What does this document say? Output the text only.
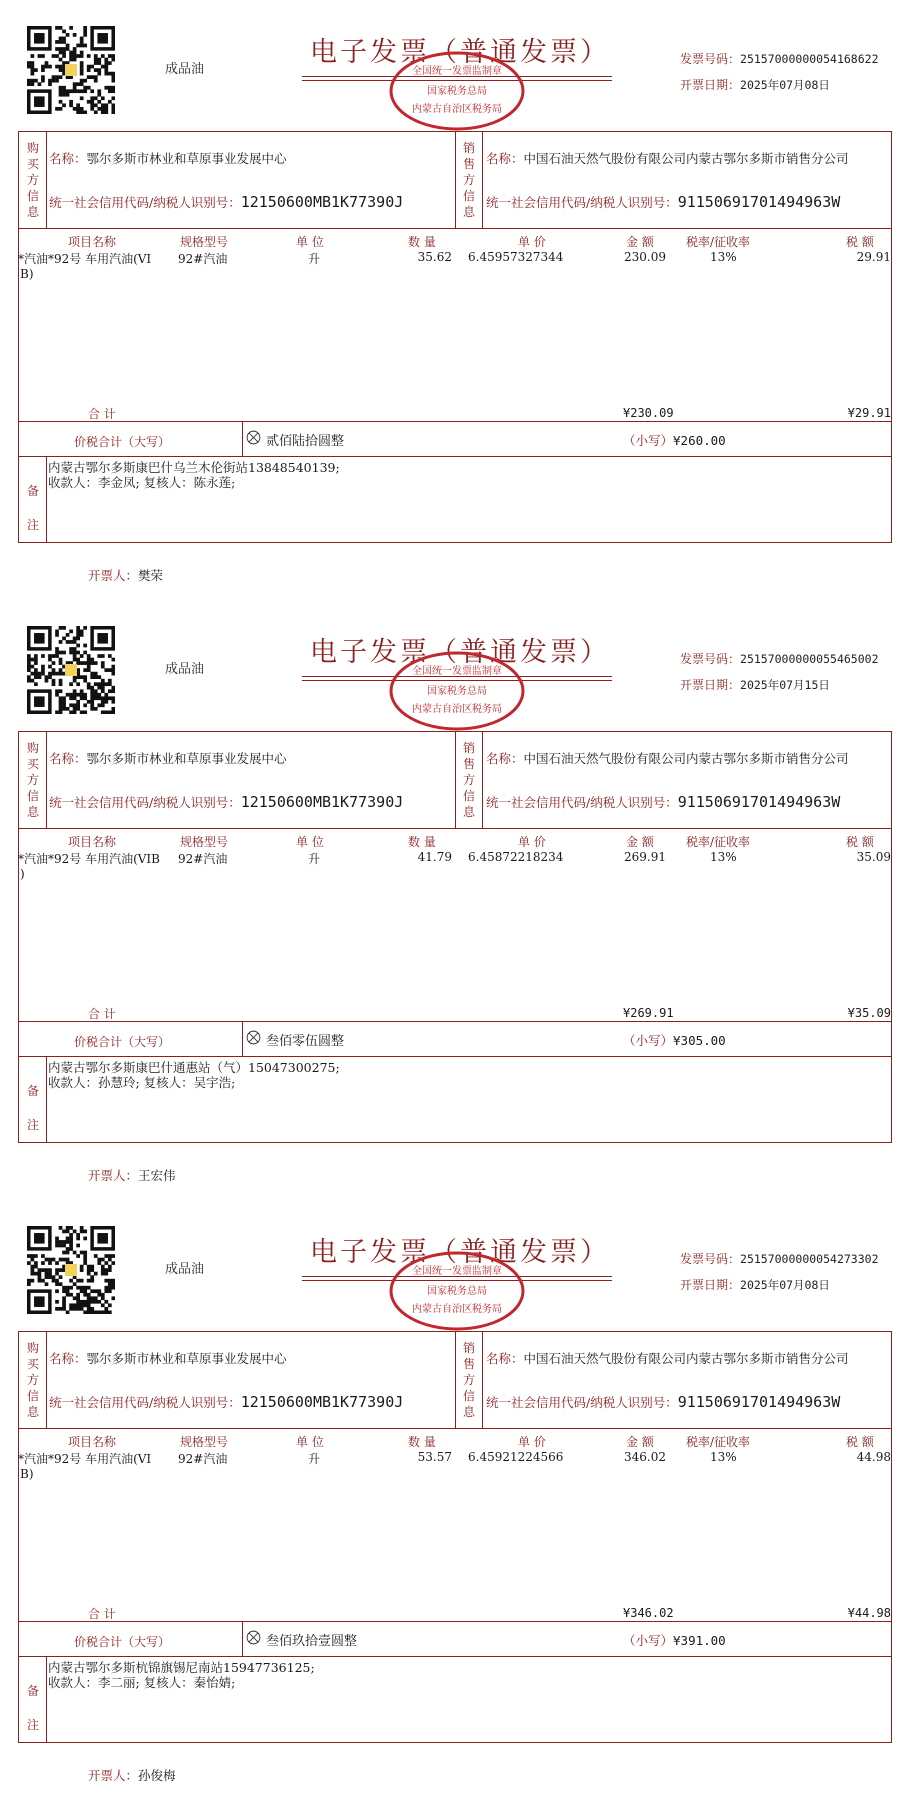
成品油
电子发票（普通发票）
全国统一发票监制章
国家税务总局
内蒙古自治区税务局
发票号码：25157000000054168622
开票日期：2025年07月08日
购
买
方
信
息
销
售
方
信
息
名称：鄂尔多斯市林业和草原事业发展中心
统一社会信用代码/纳税人识别号：12150600MB1K77390J
名称：中国石油天然气股份有限公司内蒙古鄂尔多斯市销售分公司
统一社会信用代码/纳税人识别号：91150691701494963W
项目名称	规格型号	单 位	数 量	单 价	金 额	税率/征收率	税 额
*汽油*92号 车用汽油(VI
B)
92#汽油	升	35.62 6.45957327344	230.09	13%	29.91
合 计	¥230.09	¥29.91
价税合计（大写）	贰佰陆拾圆整	（小写）¥260.00
备
注
内蒙古鄂尔多斯康巴什乌兰木伦街站13848540139;
收款人：李金凤; 复核人：陈永莲;
开票人：樊荣
成品油
电子发票（普通发票）
全国统一发票监制章
国家税务总局
内蒙古自治区税务局
发票号码：25157000000055465002
开票日期：2025年07月15日
购
买
方
信
息
销
售
方
信
息
名称：鄂尔多斯市林业和草原事业发展中心
统一社会信用代码/纳税人识别号：12150600MB1K77390J
名称：中国石油天然气股份有限公司内蒙古鄂尔多斯市销售分公司
统一社会信用代码/纳税人识别号：91150691701494963W
项目名称	规格型号	单 位	数 量	单 价	金 额	税率/征收率	税 额
*汽油*92号 车用汽油(VIB
)
92#汽油	升	41.79 6.45872218234	269.91	13%	35.09
合 计	¥269.91	¥35.09
价税合计（大写）	叁佰零伍圆整	（小写）¥305.00
备
注
内蒙古鄂尔多斯康巴什通惠站（气）15047300275;
收款人：孙慧玲; 复核人：吴宇浩;
开票人：王宏伟
成品油
电子发票（普通发票）
全国统一发票监制章
国家税务总局
内蒙古自治区税务局
发票号码：25157000000054273302
开票日期：2025年07月08日
购
买
方
信
息
销
售
方
信
息
名称：鄂尔多斯市林业和草原事业发展中心
统一社会信用代码/纳税人识别号：12150600MB1K77390J
名称：中国石油天然气股份有限公司内蒙古鄂尔多斯市销售分公司
统一社会信用代码/纳税人识别号：91150691701494963W
项目名称	规格型号	单 位	数 量	单 价	金 额	税率/征收率	税 额
*汽油*92号 车用汽油(VI
B)
92#汽油	升	53.57 6.45921224566	346.02	13%	44.98
合 计	¥346.02	¥44.98
价税合计（大写）	叁佰玖拾壹圆整	（小写）¥391.00
备
注
内蒙古鄂尔多斯杭锦旗锡尼南站15947736125;
收款人：李二丽; 复核人：秦怡婧;
开票人：孙俊梅
